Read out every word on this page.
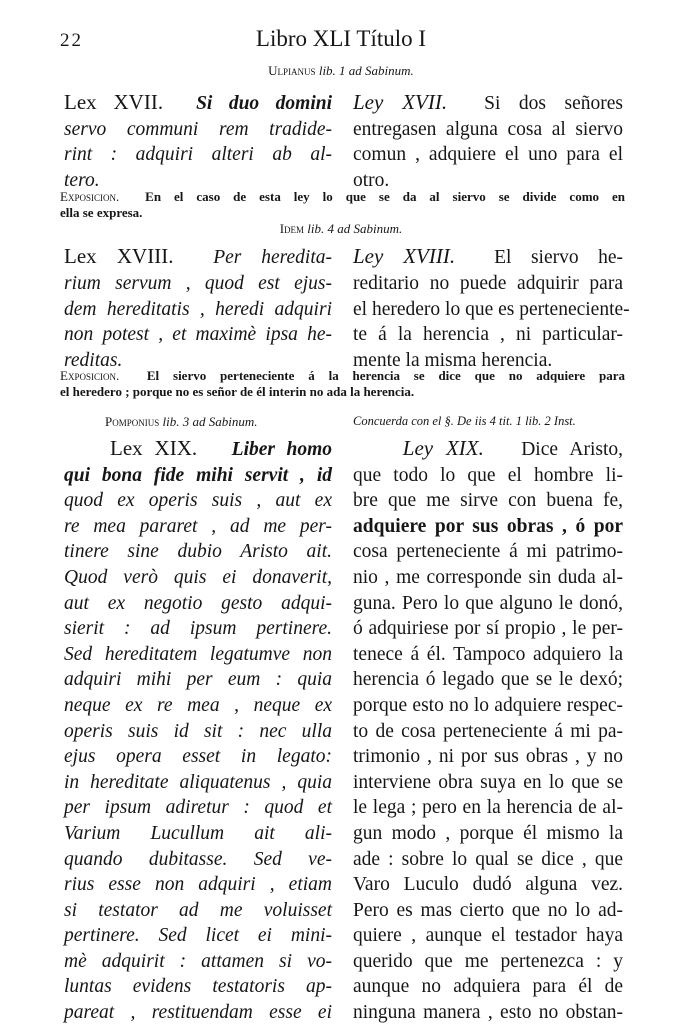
22	Libro XLI Título I
Ulpianus lib. 1 ad Sabinum.
Lex XVII. Si duo domini
servo communi rem tradide-
rint : adquiri alteri ab al-
tero.
Ley XVII. Si dos señores
entregasen alguna cosa al siervo
comun , adquiere el uno para el
otro.
Exposicion. En el caso de esta ley lo que se da al siervo se divide como en
ella se expresa.
Idem lib. 4 ad Sabinum.
Lex XVIII. Per heredita-
rium servum , quod est ejus-
dem hereditatis , heredi adquiri
non potest , et maximè ipsa he-
reditas.
Ley XVIII. El siervo he-
reditario no puede adquirir para
el heredero lo que es perteneciente-
te á la herencia , ni particular-
mente la misma herencia.
Exposicion. El siervo perteneciente á la herencia se dice que no adquiere para
el heredero ; porque no es señor de él interin no ada la herencia.
Pomponius lib. 3 ad Sabinum.	Concuerda con el §. De iis 4 tit. 1 lib. 2 Inst.
Lex XIX. Liber homo
qui bona fide mihi servit , id
quod ex operis suis , aut ex
re mea pararet , ad me per-
tinere sine dubio Aristo ait.
Quod verò quis ei donaverit,
aut ex negotio gesto adqui-
sierit : ad ipsum pertinere.
Sed hereditatem legatumve non
adquiri mihi per eum : quia
neque ex re mea , neque ex
operis suis id sit : nec ulla
ejus opera esset in legato:
in hereditate aliquatenus , quia
per ipsum adiretur : quod et
Varium Lucullum ait ali-
quando dubitasse. Sed ve-
rius esse non adquiri , etiam
si testator ad me voluisset
pertinere. Sed licet ei mini-
mè adquirit : attamen si vo-
luntas evidens testatoris ap-
pareat , restituendam esse ei
Ley XIX. Dice Aristo,
que todo lo que el hombre li-
bre que me sirve con buena fe,
adquiere por sus obras , ó por
cosa perteneciente á mi patrimo-
nio , me corresponde sin duda al-
guna. Pero lo que alguno le donó,
ó adquiriese por sí propio , le per-
tenece á él. Tampoco adquiero la
herencia ó legado que se le dexó;
porque esto no lo adquiere respec-
to de cosa perteneciente á mi pa-
trimonio , ni por sus obras , y no
interviene obra suya en lo que se
le lega ; pero en la herencia de al-
gun modo , porque él mismo la
ade : sobre lo qual se dice , que
Varo Luculo dudó alguna vez.
Pero es mas cierto que no lo ad-
quiere , aunque el testador haya
querido que me pertenezca : y
aunque no adquiera para él de
ninguna manera , esto no obstan-
